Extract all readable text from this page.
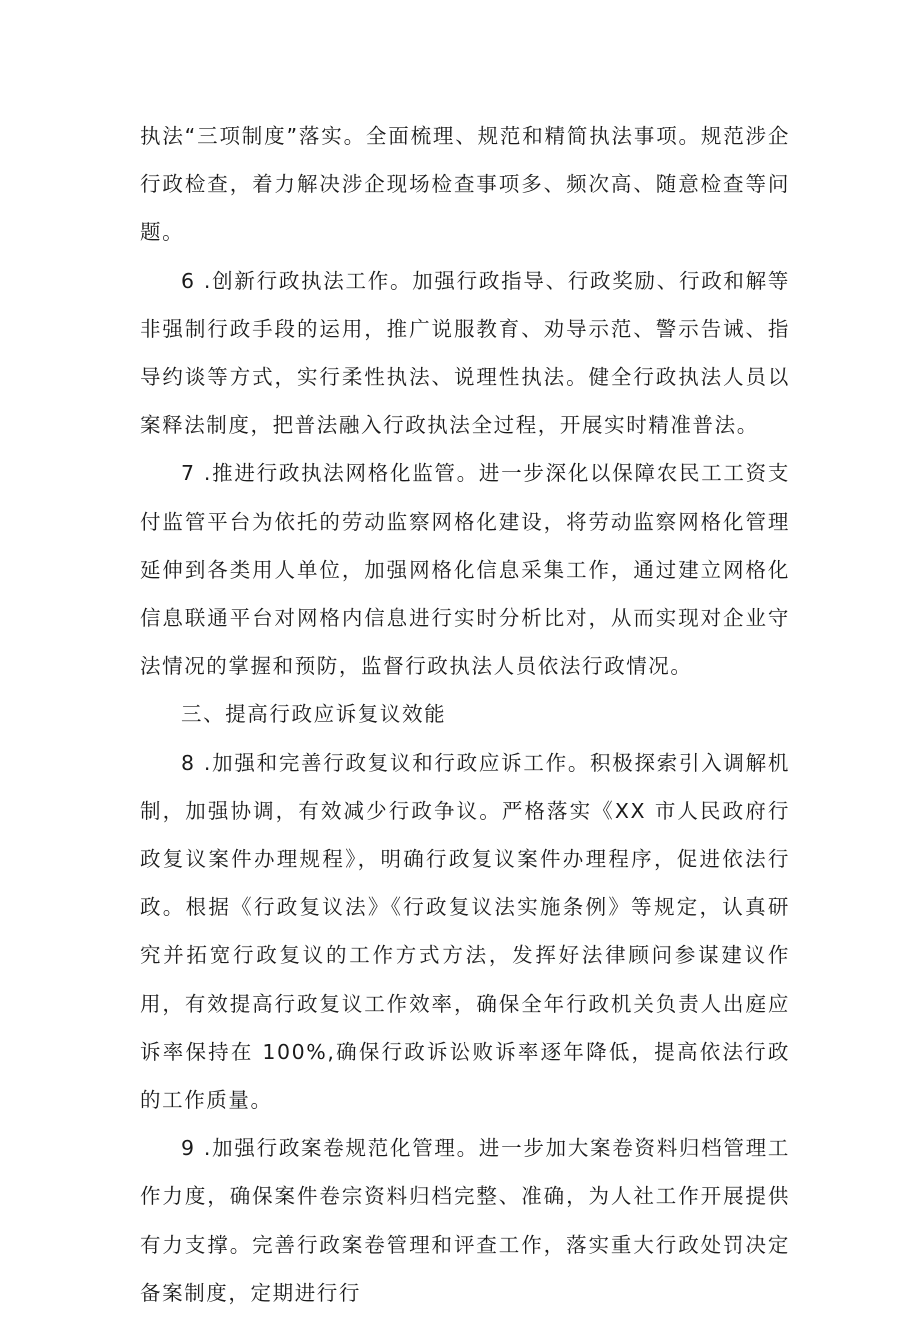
执法“三项制度”落实。全面梳理、规范和精简执法事项。规范涉企行政检查，着力解决涉企现场检查事项多、频次高、随意检查等问题。

6 .创新行政执法工作。加强行政指导、行政奖励、行政和解等非强制行政手段的运用，推广说服教育、劝导示范、警示告诫、指导约谈等方式，实行柔性执法、说理性执法。健全行政执法人员以案释法制度，把普法融入行政执法全过程，开展实时精准普法。

7 .推进行政执法网格化监管。进一步深化以保障农民工工资支付监管平台为依托的劳动监察网格化建设，将劳动监察网格化管理延伸到各类用人单位，加强网格化信息采集工作，通过建立网格化信息联通平台对网格内信息进行实时分析比对，从而实现对企业守法情况的掌握和预防，监督行政执法人员依法行政情况。

三、提高行政应诉复议效能

8 .加强和完善行政复议和行政应诉工作。积极探索引入调解机制，加强协调，有效减少行政争议。严格落实《XX 市人民政府行政复议案件办理规程》，明确行政复议案件办理程序，促进依法行政。根据《行政复议法》《行政复议法实施条例》等规定，认真研究并拓宽行政复议的工作方式方法，发挥好法律顾问参谋建议作用，有效提高行政复议工作效率，确保全年行政机关负责人出庭应诉率保持在 100%,确保行政诉讼败诉率逐年降低，提高依法行政的工作质量。

9 .加强行政案卷规范化管理。进一步加大案卷资料归档管理工作力度，确保案件卷宗资料归档完整、准确，为人社工作开展提供有力支撑。完善行政案卷管理和评查工作，落实重大行政处罚决定备案制度，定期进行行
